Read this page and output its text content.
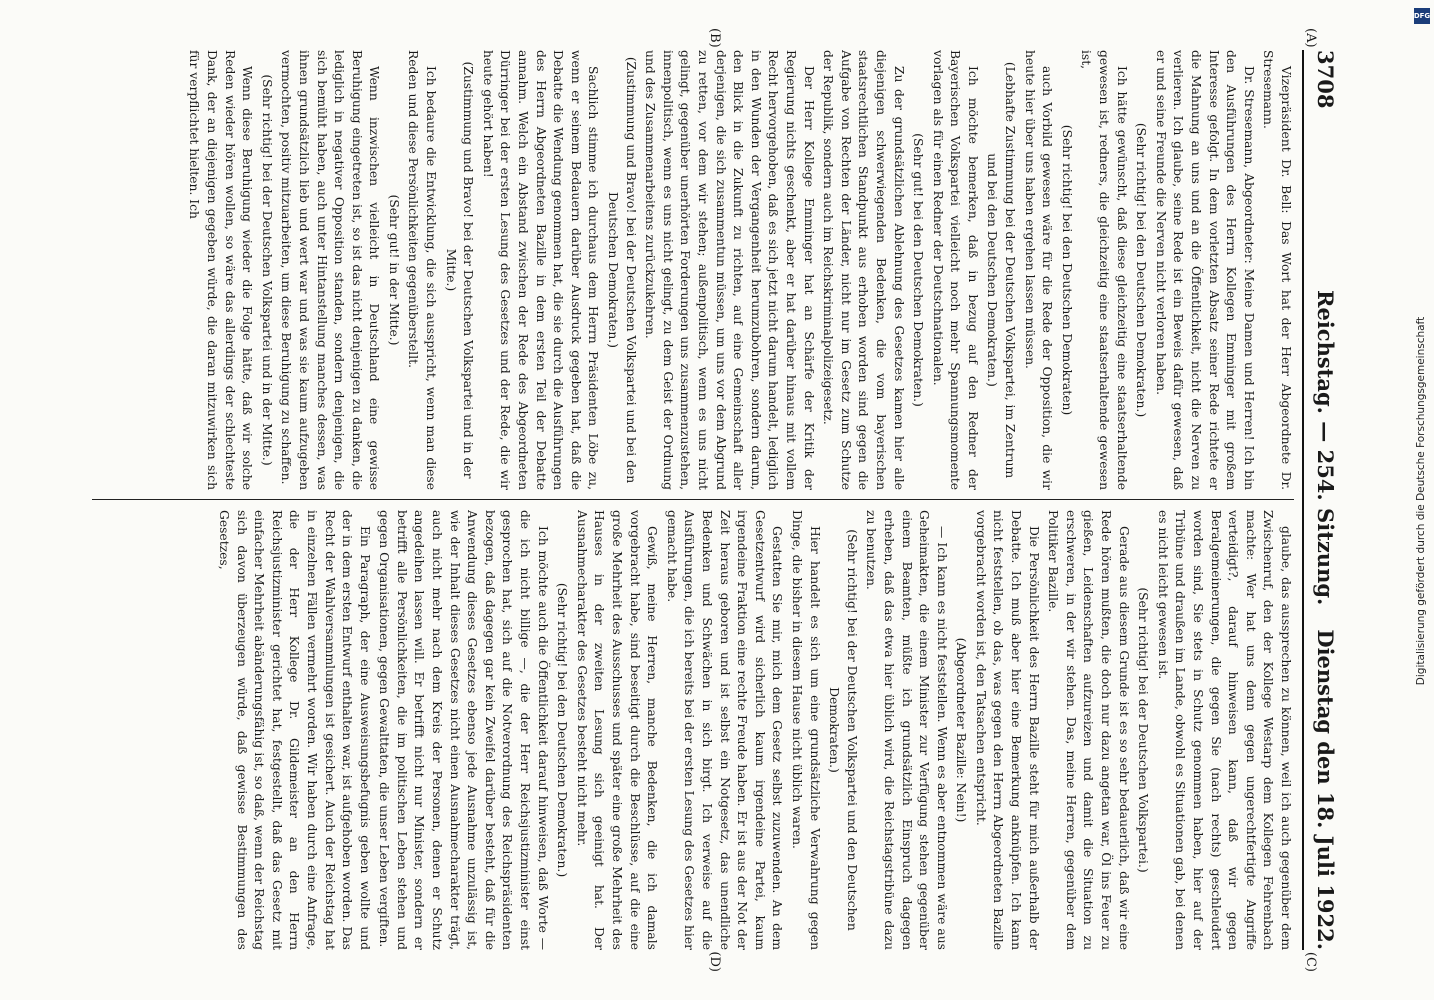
3708
Reichstag. — 254. Sitzung.
Dienstag den 18. Juli 1922.
(A)
(B)
(C)
(D)

Vizepräsident Dr. Bell: Das Wort hat der Herr Abgeordnete Dr. Stresemann.

Dr. Stresemann, Abgeordneter: Meine Damen und Herren! Ich bin den Ausführungen des Herrn Kollegen Emminger mit großem Interesse gefolgt. In dem vorletzten Absatz seiner Rede richtete er die Mahnung an uns und an die Öffentlichkeit, nicht die Nerven zu verlieren. Ich glaube, seine Rede ist ein Beweis dafür gewesen, daß er und seine Freunde die Nerven nicht verloren haben.

(Sehr richtig! bei den Deutschen Demokraten.)

Ich hätte gewünscht, daß diese gleichzeitig eine staatserhaltende gewesen ist, redners, die gleichzeitig eine staatserhaltende gewesen ist,

(Sehr richtig! bei den Deutschen Demokraten)

auch Vorbild gewesen wäre für die Rede der Opposition, die wir heute hier über uns haben ergehen lassen müssen.

(Lebhafte Zustimmung bei der Deutschen Volkspartei, im Zentrum und bei den Deutschen Demokraten.)

Ich möchte bemerken, daß in bezug auf den Redner der Bayerischen Volkspartei vielleicht noch mehr Spannungsmomente vorlagen als für einen Redner der Deutschnationalen.

(Sehr gut! bei den Deutschen Demokraten.)

Zu der grundsätzlichen Ablehnung des Gesetzes kamen hier alle diejenigen schwerwiegenden Bedenken, die vom bayerischen staatsrechtlichen Standpunkt aus erhoben worden sind gegen die Aufgabe von Rechten der Länder, nicht nur im Gesetz zum Schutze der Republik, sondern auch im Reichskriminalpolizeigesetz.

Der Herr Kollege Emminger hat an Schärfe der Kritik der Regierung nichts geschenkt, aber er hat darüber hinaus mit vollem Recht hervorgehoben, daß es sich jetzt nicht darum handelt, lediglich in den Wunden der Vergangenheit herumzubohren, sondern darum, den Blick in die Zukunft zu richten, auf eine Gemeinschaft aller derjenigen, die sich zusammentun müssen, um uns vor dem Abgrund zu retten, vor dem wir stehen; außenpolitisch, wenn es uns nicht gelingt, gegenüber unerhörten Forderungen uns zusammenzustehen, innenpolitisch, wenn es uns nicht gelingt, zu dem Geist der Ordnung und des Zusammenarbeitens zurückzukehren.

(Zustimmung und Bravo! bei der Deutschen Volkspartei und bei den Deutschen Demokraten.)

Sachlich stimme ich durchaus dem Herrn Präsidenten Löbe zu, wenn er seinem Bedauern darüber Ausdruck gegeben hat, daß die Debatte die Wendung genommen hat, die sie durch die Ausführungen des Herrn Abgeordneten Bazille in dem ersten Teil der Debatte annahm. Welch ein Abstand zwischen der Rede des Abgeordneten Dürringer bei der ersten Lesung des Gesetzes und der Rede, die wir heute gehört haben!

(Zustimmung und Bravo! bei der Deutschen Volkspartei und in der Mitte.)

Ich bedaure die Entwicklung, die sich ausspricht, wenn man diese Reden und diese Persönlichkeiten gegenüberstellt.

(Sehr gut! in der Mitte.)

Wenn inzwischen vielleicht in Deutschland eine gewisse Beruhigung eingetreten ist, so ist das nicht denjenigen zu danken, die lediglich in negativer Opposition standen, sondern denjenigen, die sich bemüht haben, auch unter Hintanstellung manches dessen, was ihnen grundsätzlich lieb und wert war und was sie kaum aufzugeben vermochten, positiv mitzuarbeiten, um diese Beruhigung zu schaffen.

(Sehr richtig! bei der Deutschen Volkspartei und in der Mitte.)

Wenn diese Beruhigung wieder die Folge hätte, daß wir solche Reden wieder hören wollen, so wäre das allerdings der schlechteste Dank, der an diejenigen gegeben würde, die daran mitzuwirken sich für verpflichtet hielten. Ich

glaube, das aussprechen zu können, weil ich auch gegenüber dem Zwischenruf, den der Kollege Westarp dem Kollegen Fehrenbach machte: Wer hat uns denn gegen ungerechtfertigte Angriffe verteidigt?, darauf hinweisen kann, daß wir gegen Beralgemeinerungen, die gegen Sie (nach rechts) geschleudert worden sind, Sie stets in Schutz genommen haben, hier auf der Tribüne und draußen im Lande, obwohl es Situationen gab, bei denen es nicht leicht gewesen ist.

(Sehr richtig! bei der Deutschen Volkspartei.)

Gerade aus diesem Grunde ist es so sehr bedauerlich, daß wir eine Rede hören mußten, die doch nur dazu angetan war, Öl ins Feuer zu gießen, Leidenschaften aufzureizen und damit die Situation zu erschweren, in der wir stehen. Das, meine Herren, gegenüber dem Politiker Bazille.

Die Persönlichkeit des Herrn Bazille steht für mich außerhalb der Debatte. Ich muß aber hier eine Bemerkung anknüpfen. Ich kann nicht feststellen, ob das, was gegen den Herrn Abgeordneten Bazille vorgebracht worden ist, den Tatsachen entspricht.

(Abgeordneter Bazille: Nein!)

— Ich kann es nicht feststellen. Wenn es aber entnommen wäre aus Geheimakten, die einem Minister zur Verfügung stehen gegenüber einem Beamten, müßte ich grundsätzlich Einspruch dagegen erheben, daß das etwa hier üblich wird, die Reichstagstribüne dazu zu benutzen.

(Sehr richtig! bei der Deutschen Volkspartei und den Deutschen Demokraten.)

Hier handelt es sich um eine grundsätzliche Verwahrung gegen Dinge, die bisher in diesem Hause nicht üblich waren.

Gestatten Sie mir, mich dem Gesetz selbst zuzuwenden. An dem Gesetzentwurf wird sicherlich kaum irgendeine Partei, kaum irgendeine Fraktion eine rechte Freude haben. Er ist aus der Not der Zeit heraus geboren und ist selbst ein Notgesetz, das unendliche Bedenken und Schwächen in sich birgt. Ich verweise auf die Ausführungen, die ich bereits bei der ersten Lesung des Gesetzes hier gemacht habe.

Gewiß, meine Herren, manche Bedenken, die ich damals vorgebracht habe, sind beseitigt durch die Beschlüsse, auf die eine große Mehrheit des Ausschusses und später eine große Mehrheit des Hauses in der zweiten Lesung sich geeinigt hat. Der Ausnahmecharakter des Gesetzes besteht nicht mehr.

(Sehr richtig! bei den Deutschen Demokraten.)

Ich möchte auch die Öffentlichkeit darauf hinweisen, daß Worte — die ich nicht billige —, die der Herr Reichsjustizminister einst gesprochen hat, sich auf die Notverordnung des Reichspräsidenten bezogen, daß dagegen gar kein Zweifel darüber besteht, daß für die Anwendung dieses Gesetzes ebenso jede Ausnahme unzulässig ist, wie der Inhalt dieses Gesetzes nicht einen Ausnahmecharakter trägt, auch nicht mehr nach dem Kreis der Personen, denen er Schutz angedeihen lassen will. Er betrifft nicht nur Minister, sondern er betrifft alle Persönlichkeiten, die im politischen Leben stehen und gegen Organisationen, gegen Gewalttaten, die unser Leben vergiften.

Ein Paragraph, der eine Ausweisungsbefugnis geben wollte und der in dem ersten Entwurf enthalten war, ist aufgehoben worden. Das Recht der Wahlversammlungen ist gesichert. Auch der Reichstag hat in einzelnen Fällen vermehrt worden. Wir haben durch eine Anfrage, die der Herr Kollege Dr. Gildemeister an den Herrn Reichsjustizminister gerichtet hat, festgestellt, daß das Gesetz mit einfacher Mehrheit abänderungsfähig ist, so daß, wenn der Reichstag sich davon überzeugen würde, daß gewisse Bestimmungen des Gesetzes,	Digitalisierung gefördert durch die Deutsche Forschungsgemeinschaft
DFG
